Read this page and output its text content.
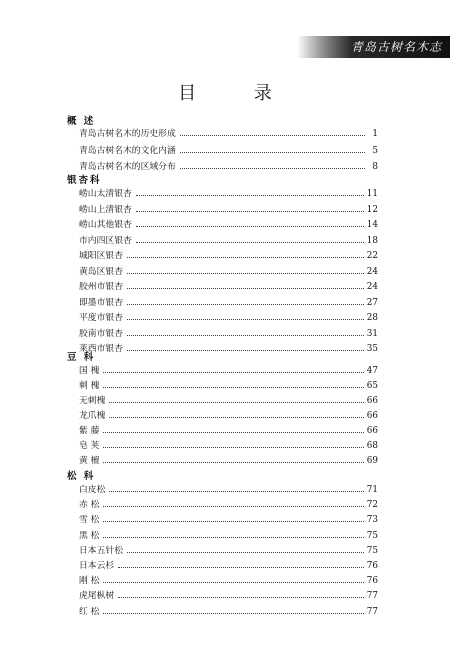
青岛古树名木志
目 录
概 述
青岛古树名木的历史形成	1
青岛古树名木的文化内涵	5
青岛古树名木的区域分布	8
银杏科
崂山太清银杏	11
崂山上清银杏	12
崂山其他银杏	14
市内四区银杏	18
城阳区银杏	22
黄岛区银杏	24
胶州市银杏	24
即墨市银杏	27
平度市银杏	28
胶南市银杏	31
莱西市银杏	35
豆 科
国 槐	47
刺 槐	65
无刺槐	66
龙爪槐	66
紫 藤	66
皂 荚	68
黄 檀	69
松 科
白皮松	71
赤 松	72
雪 松	73
黑 松	75
日本五针松	75
日本云杉	76
刚 松	76
虎尾枞树	77
红 松	77
